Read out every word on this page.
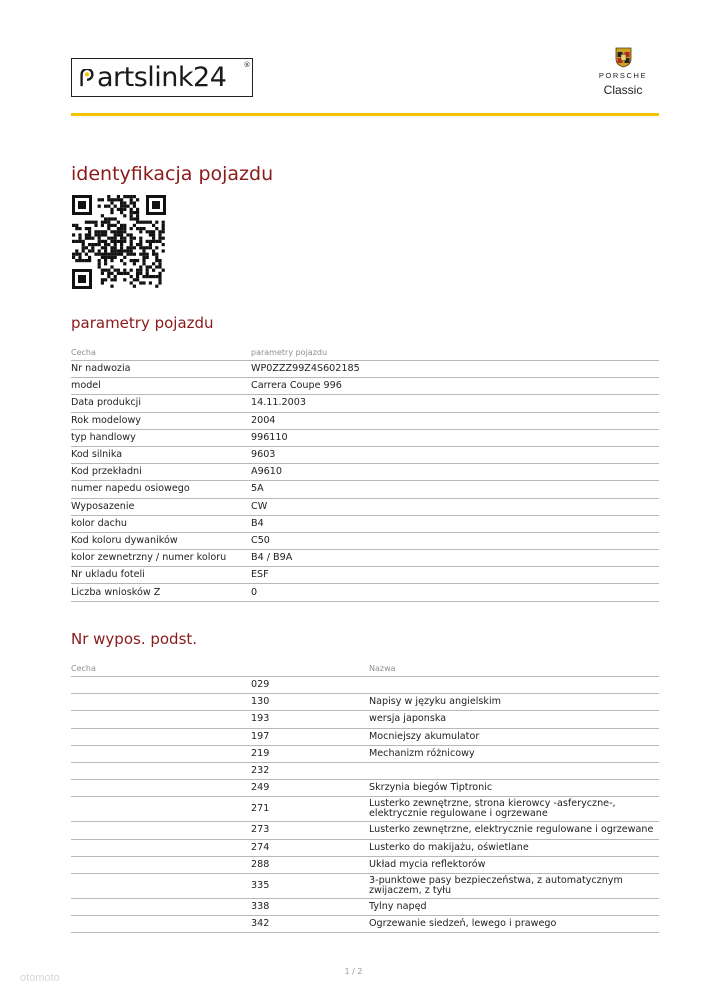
artslink24 ®
PORSCHE
Classic
identyfikacja pojazdu
parametry pojazdu
Cecha	parametry pojazdu
Nr nadwozia	WP0ZZZ99Z4S602185
model	Carrera Coupe 996
Data produkcji	14.11.2003
Rok modelowy	2004
typ handlowy	996110
Kod silnika	9603
Kod przekładni	A9610
numer napedu osiowego	5A
Wyposazenie	CW
kolor dachu	B4
Kod koloru dywaników	C50
kolor zewnetrzny / numer koloru	B4 / B9A
Nr ukladu foteli	ESF
Liczba wniosków Z	0
Nr wypos. podst.
Cecha		Nazwa
	029	
	130	Napisy w języku angielskim
	193	wersja japonska
	197	Mocniejszy akumulator
	219	Mechanizm różnicowy
	232	
	249	Skrzynia biegów Tiptronic
	271	Lusterko zewnętrzne, strona kierowcy -asferyczne-, elektrycznie regulowane i ogrzewane
	273	Lusterko zewnętrzne, elektrycznie regulowane i ogrzewane
	274	Lusterko do makijażu, oświetlane
	288	Układ mycia reflektorów
	335	3-punktowe pasy bezpieczeństwa, z automatycznym zwijaczem, z tyłu
	338	Tylny napęd
	342	Ogrzewanie siedzeń, lewego i prawego
1 / 2
otomoto
